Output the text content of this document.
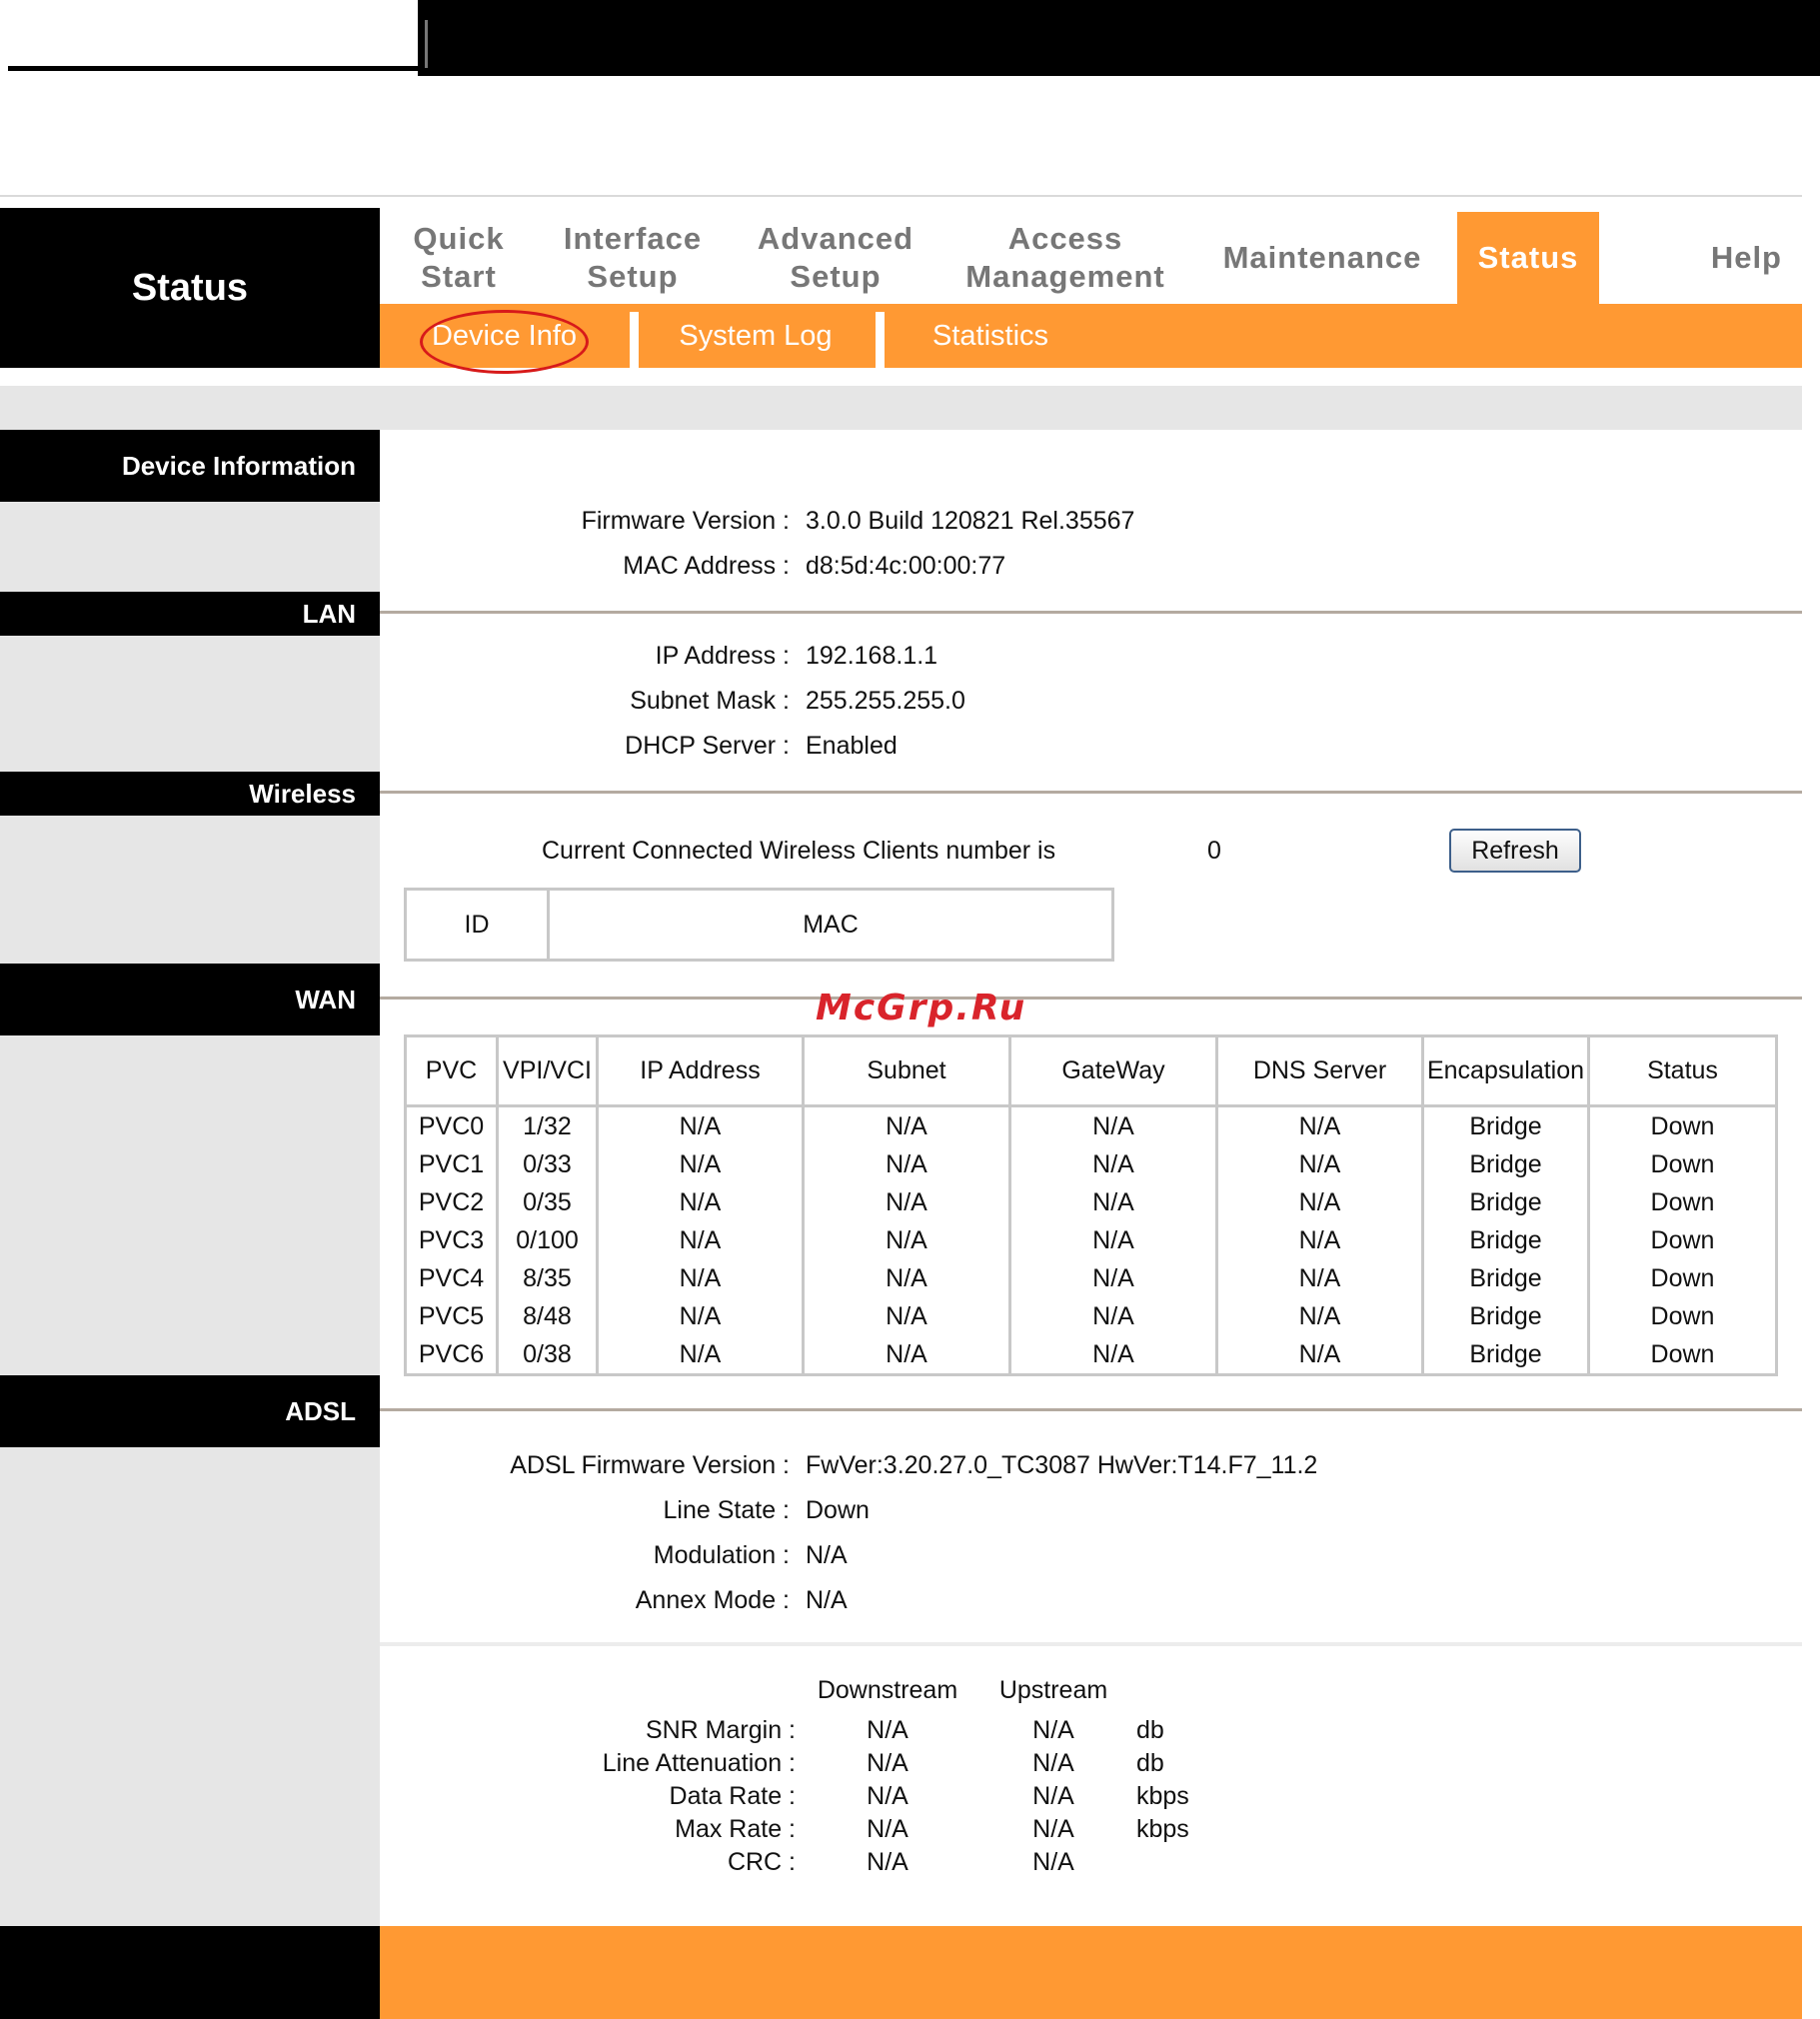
Status
Quick
Start
Interface
Setup
Advanced
Setup
Access
Management
Maintenance	Status	Help
Device Info	System Log	Statistics
Device Information
Firmware Version : 3.0.0 Build 120821 Rel.35567
MAC Address : d8:5d:4c:00:00:77
LAN
IP Address : 192.168.1.1
Subnet Mask : 255.255.255.0
DHCP Server : Enabled
Wireless
Current Connected Wireless Clients number is	0	Refresh
ID	MAC
WAN	McGrp.Ru
PVC	VPI/VCI	IP Address	Subnet	GateWay	DNS Server	Encapsulation	Status
PVC0	1/32	N/A	N/A	N/A	N/A	Bridge	Down
PVC1	0/33	N/A	N/A	N/A	N/A	Bridge	Down
PVC2	0/35	N/A	N/A	N/A	N/A	Bridge	Down
PVC3	0/100	N/A	N/A	N/A	N/A	Bridge	Down
PVC4	8/35	N/A	N/A	N/A	N/A	Bridge	Down
PVC5	8/48	N/A	N/A	N/A	N/A	Bridge	Down
PVC6	0/38	N/A	N/A	N/A	N/A	Bridge	Down
ADSL
ADSL Firmware Version : FwVer:3.20.27.0_TC3087 HwVer:T14.F7_11.2
Line State : Down
Modulation : N/A
Annex Mode : N/A
Downstream	Upstream
SNR Margin :	N/A	N/A	db
Line Attenuation :	N/A	N/A	db
Data Rate :	N/A	N/A	kbps
Max Rate :	N/A	N/A	kbps
CRC :	N/A	N/A
